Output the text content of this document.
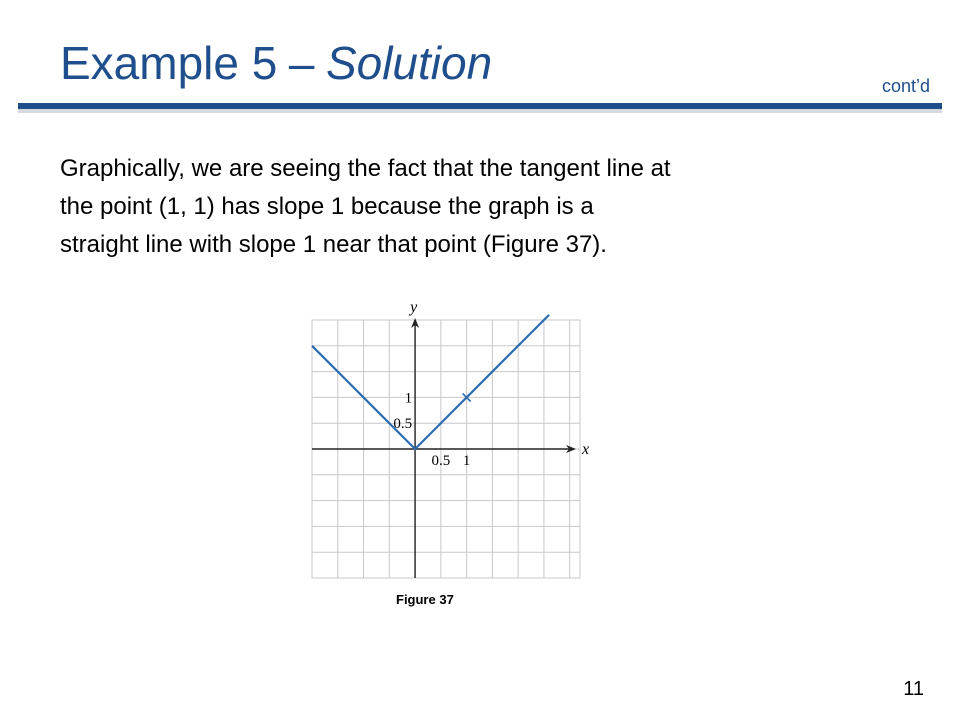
Example 5 – Solution	cont’d

Graphically, we are seeing the fact that the tangent line at

the point (1, 1) has slope 1 because the graph is a

straight line with slope 1 near that point (Figure 37).

x
y
0.5 1
0.5
1
Figure 37
11
